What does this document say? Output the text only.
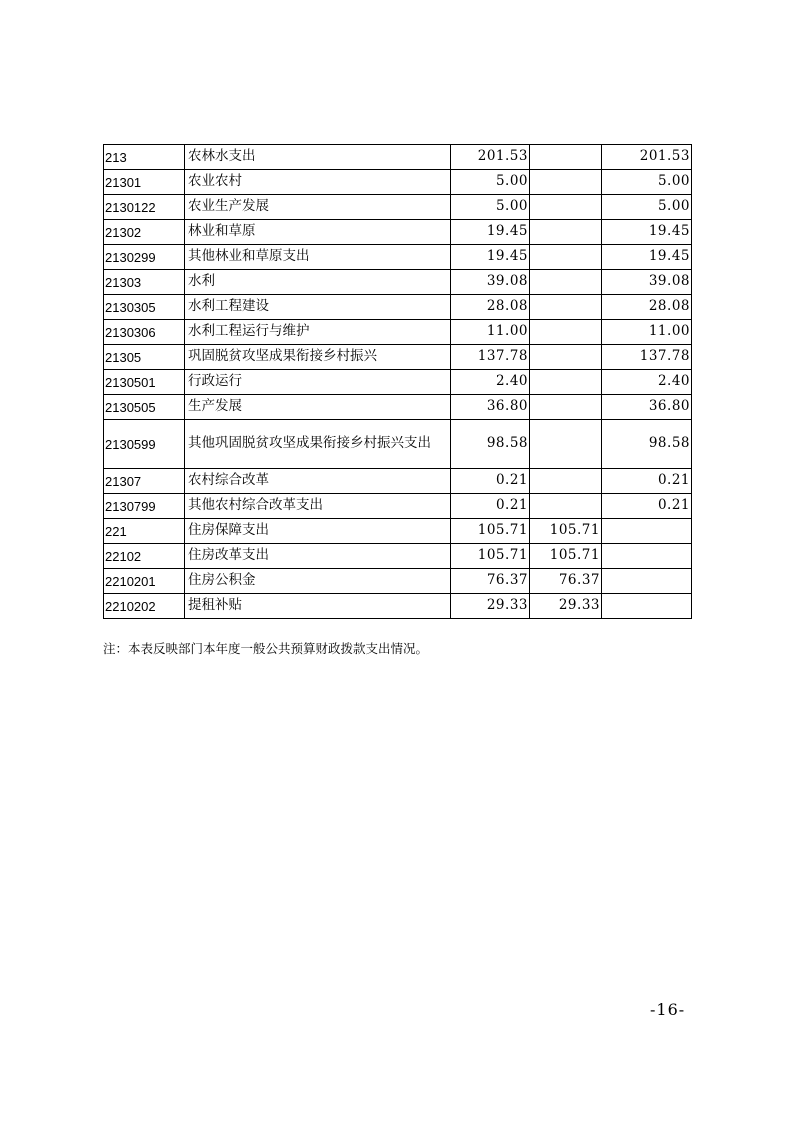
213	农林水支出	201.53		201.53
21301	农业农村	5.00		5.00
2130122	农业生产发展	5.00		5.00
21302	林业和草原	19.45		19.45
2130299	其他林业和草原支出	19.45		19.45
21303	水利	39.08		39.08
2130305	水利工程建设	28.08		28.08
2130306	水利工程运行与维护	11.00		11.00
21305	巩固脱贫攻坚成果衔接乡村振兴	137.78		137.78
2130501	行政运行	2.40		2.40
2130505	生产发展	36.80		36.80
2130599	其他巩固脱贫攻坚成果衔接乡村振兴支出	98.58		98.58
21307	农村综合改革	0.21		0.21
2130799	其他农村综合改革支出	0.21		0.21
221	住房保障支出	105.71	105.71	
22102	住房改革支出	105.71	105.71	
2210201	住房公积金	76.37	76.37	
2210202	提租补贴	29.33	29.33	
注：本表反映部门本年度一般公共预算财政拨款支出情况。
-16-
